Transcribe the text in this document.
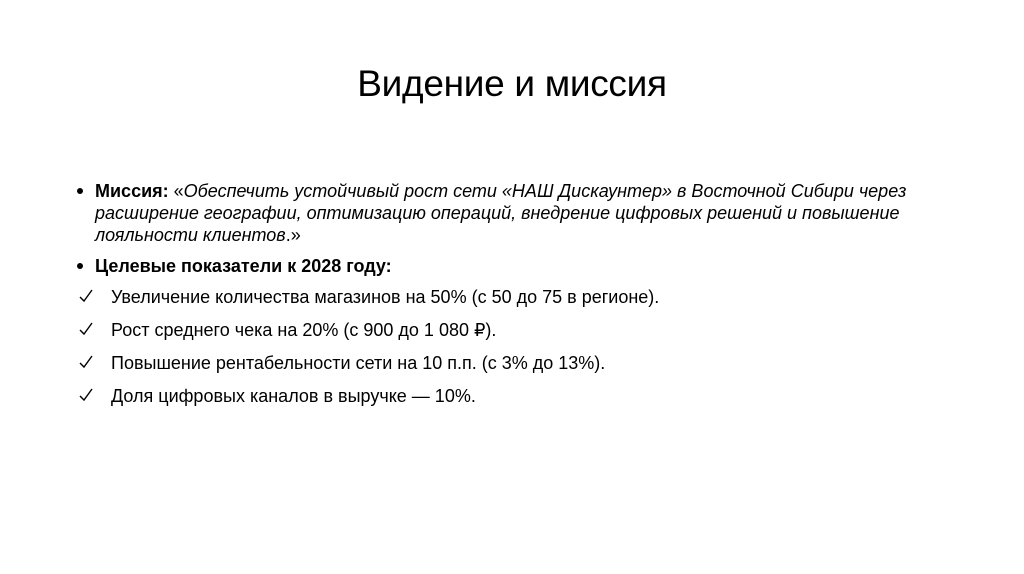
Видение и миссия
Миссия: «Обеспечить устойчивый рост сети «НАШ Дискаунтер» в Восточной Сибири через расширение географии, оптимизацию операций, внедрение цифровых решений и повышение лояльности клиентов.»
Целевые показатели к 2028 году:
Увеличение количества магазинов на 50% (с 50 до 75 в регионе).
Рост среднего чека на 20% (с 900 до 1 080 ₽).
Повышение рентабельности сети на 10 п.п. (с 3% до 13%).
Доля цифровых каналов в выручке — 10%.
